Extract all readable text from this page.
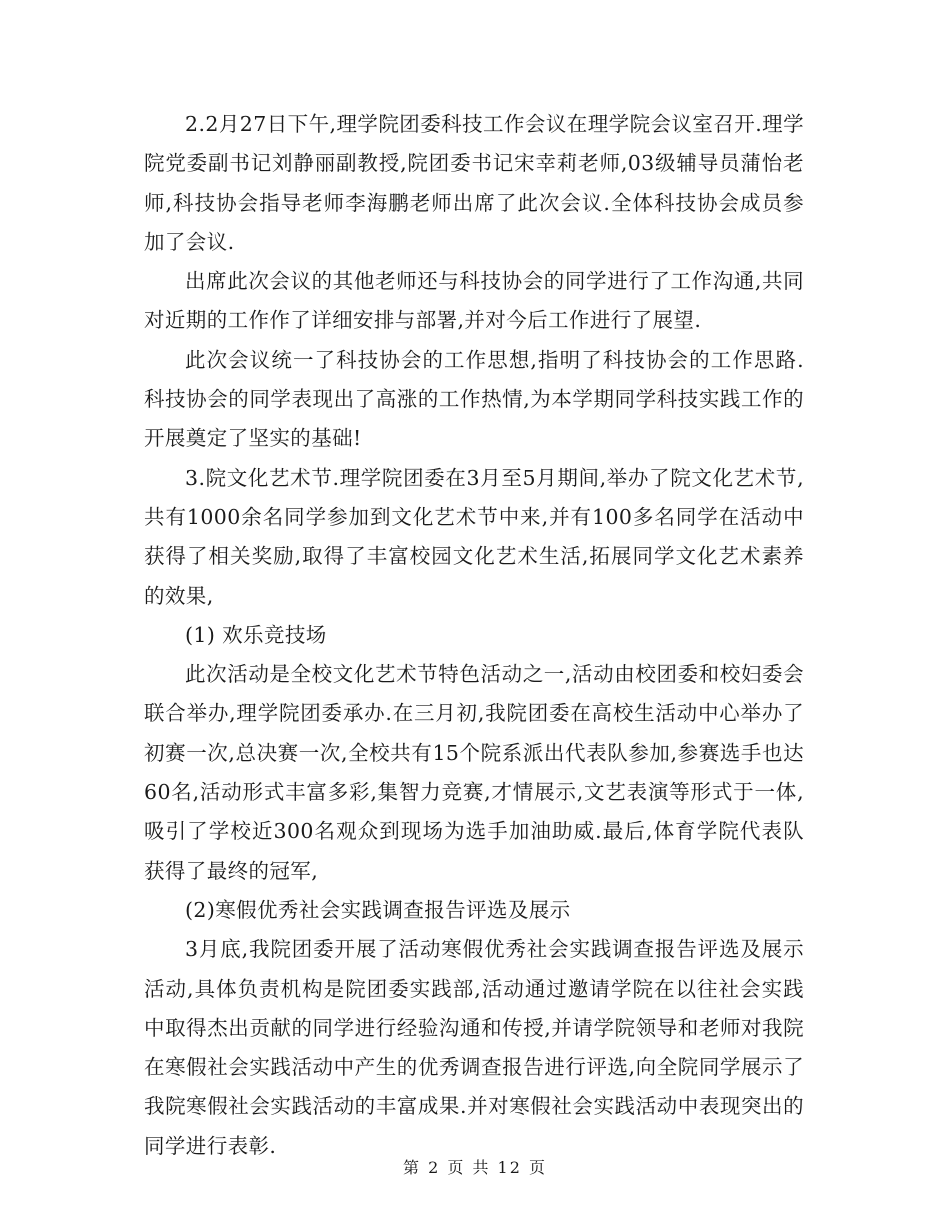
2.2月27日下午,理学院团委科技工作会议在理学院会议室召开.理学院党委副书记刘静丽副教授,院团委书记宋幸莉老师,03级辅导员蒲怡老师,科技协会指导老师李海鹏老师出席了此次会议.全体科技协会成员参加了会议.

出席此次会议的其他老师还与科技协会的同学进行了工作沟通,共同对近期的工作作了详细安排与部署,并对今后工作进行了展望.

此次会议统一了科技协会的工作思想,指明了科技协会的工作思路.科技协会的同学表现出了高涨的工作热情,为本学期同学科技实践工作的开展奠定了坚实的基础!

3.院文化艺术节.理学院团委在3月至5月期间,举办了院文化艺术节,共有1000余名同学参加到文化艺术节中来,并有100多名同学在活动中获得了相关奖励,取得了丰富校园文化艺术生活,拓展同学文化艺术素养的效果,

(1) 欢乐竞技场

此次活动是全校文化艺术节特色活动之一,活动由校团委和校妇委会联合举办,理学院团委承办.在三月初,我院团委在高校生活动中心举办了初赛一次,总决赛一次,全校共有15个院系派出代表队参加,参赛选手也达60名,活动形式丰富多彩,集智力竞赛,才情展示,文艺表演等形式于一体,吸引了学校近300名观众到现场为选手加油助威.最后,体育学院代表队获得了最终的冠军,

(2)寒假优秀社会实践调查报告评选及展示

3月底,我院团委开展了活动寒假优秀社会实践调查报告评选及展示活动,具体负责机构是院团委实践部,活动通过邀请学院在以往社会实践中取得杰出贡献的同学进行经验沟通和传授,并请学院领导和老师对我院在寒假社会实践活动中产生的优秀调查报告进行评选,向全院同学展示了我院寒假社会实践活动的丰富成果.并对寒假社会实践活动中表现突出的同学进行表彰.

第 2 页 共 12 页
